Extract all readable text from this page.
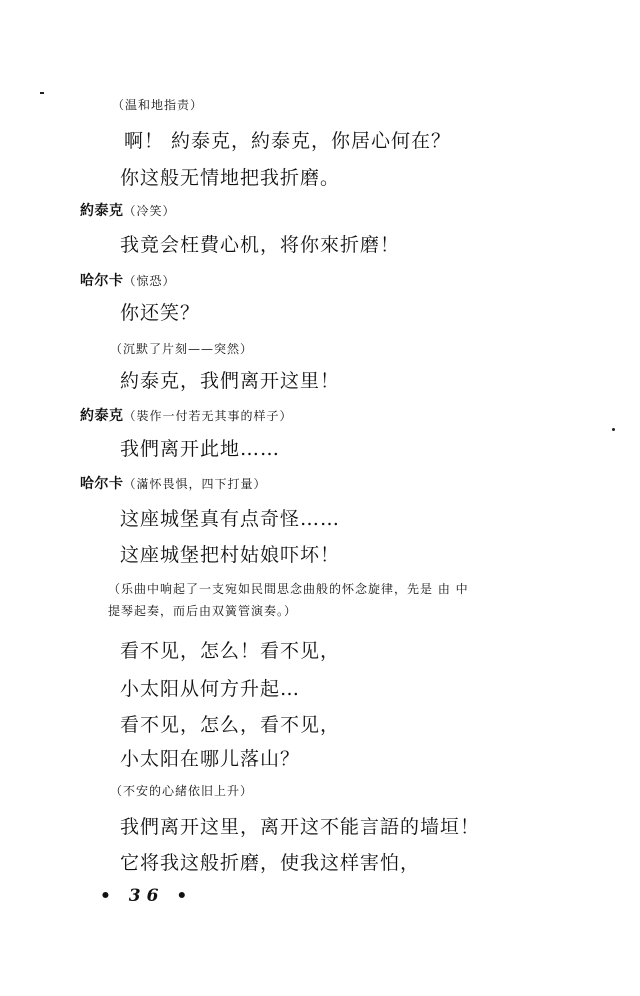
（温和地指责）
啊！ 約泰克，約泰克，你居心何在？
你这般无情地把我折磨。
約泰克（冷笑）
我竟会枉費心机，将你來折磨！
哈尔卡（惊恐）
你还笑？
（沉默了片刻——突然）
約泰克，我們离开这里！
約泰克（裝作一付若无其事的样子）
我們离开此地……
哈尔卡（滿怀畏惧，四下打量）
这座城堡真有点奇怪……
这座城堡把村姑娘吓坏！
（乐曲中响起了一支宛如民間思念曲般的怀念旋律，先是 由 中
提琴起奏，而后由双簧管演奏。）
看不见，怎么！看不见，
小太阳从何方升起…
看不见，怎么，看不见，
小太阳在哪儿落山？
（不安的心緒依旧上升）
我們离开这里，离开这不能言語的墙垣！
它将我这般折磨，使我这样害怕，
• 36 •
